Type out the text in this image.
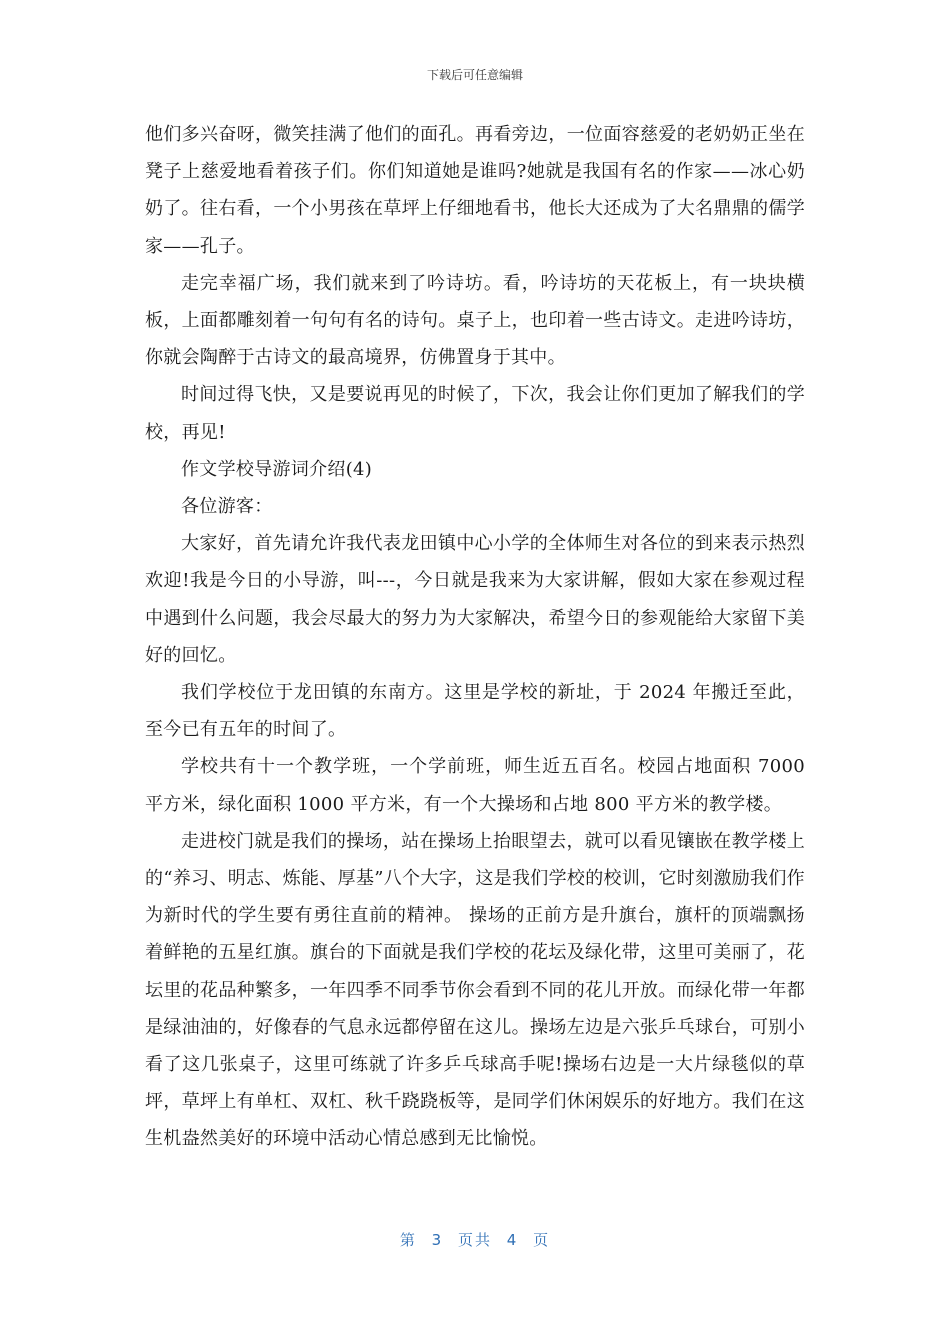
下载后可任意编辑

他们多兴奋呀，微笑挂满了他们的面孔。再看旁边，一位面容慈爱的老奶奶正坐在凳子上慈爱地看着孩子们。你们知道她是谁吗?她就是我国有名的作家——冰心奶奶了。往右看，一个小男孩在草坪上仔细地看书，他长大还成为了大名鼎鼎的儒学家——孔子。

走完幸福广场，我们就来到了吟诗坊。看，吟诗坊的天花板上，有一块块横板，上面都雕刻着一句句有名的诗句。桌子上，也印着一些古诗文。走进吟诗坊，你就会陶醉于古诗文的最高境界，仿佛置身于其中。

时间过得飞快，又是要说再见的时候了，下次，我会让你们更加了解我们的学校，再见!

作文学校导游词介绍(4)

各位游客：

大家好，首先请允许我代表龙田镇中心小学的全体师生对各位的到来表示热烈欢迎!我是今日的小导游，叫---，今日就是我来为大家讲解，假如大家在参观过程中遇到什么问题，我会尽最大的努力为大家解决，希望今日的参观能给大家留下美好的回忆。

我们学校位于龙田镇的东南方。这里是学校的新址，于 2024 年搬迁至此，至今已有五年的时间了。

学校共有十一个教学班，一个学前班，师生近五百名。校园占地面积 7000 平方米，绿化面积 1000 平方米，有一个大操场和占地 800 平方米的教学楼。

走进校门就是我们的操场，站在操场上抬眼望去，就可以看见镶嵌在教学楼上的“养习、明志、炼能、厚基”八个大字，这是我们学校的校训，它时刻激励我们作为新时代的学生要有勇往直前的精神。 操场的正前方是升旗台，旗杆的顶端飘扬着鲜艳的五星红旗。旗台的下面就是我们学校的花坛及绿化带，这里可美丽了，花坛里的花品种繁多，一年四季不同季节你会看到不同的花儿开放。而绿化带一年都是绿油油的，好像春的气息永远都停留在这儿。操场左边是六张乒乓球台，可别小看了这几张桌子，这里可练就了许多乒乓球高手呢!操场右边是一大片绿毯似的草坪，草坪上有单杠、双杠、秋千跷跷板等，是同学们休闲娱乐的好地方。我们在这生机盎然美好的环境中活动心情总感到无比愉悦。

第 3 页共 4 页
